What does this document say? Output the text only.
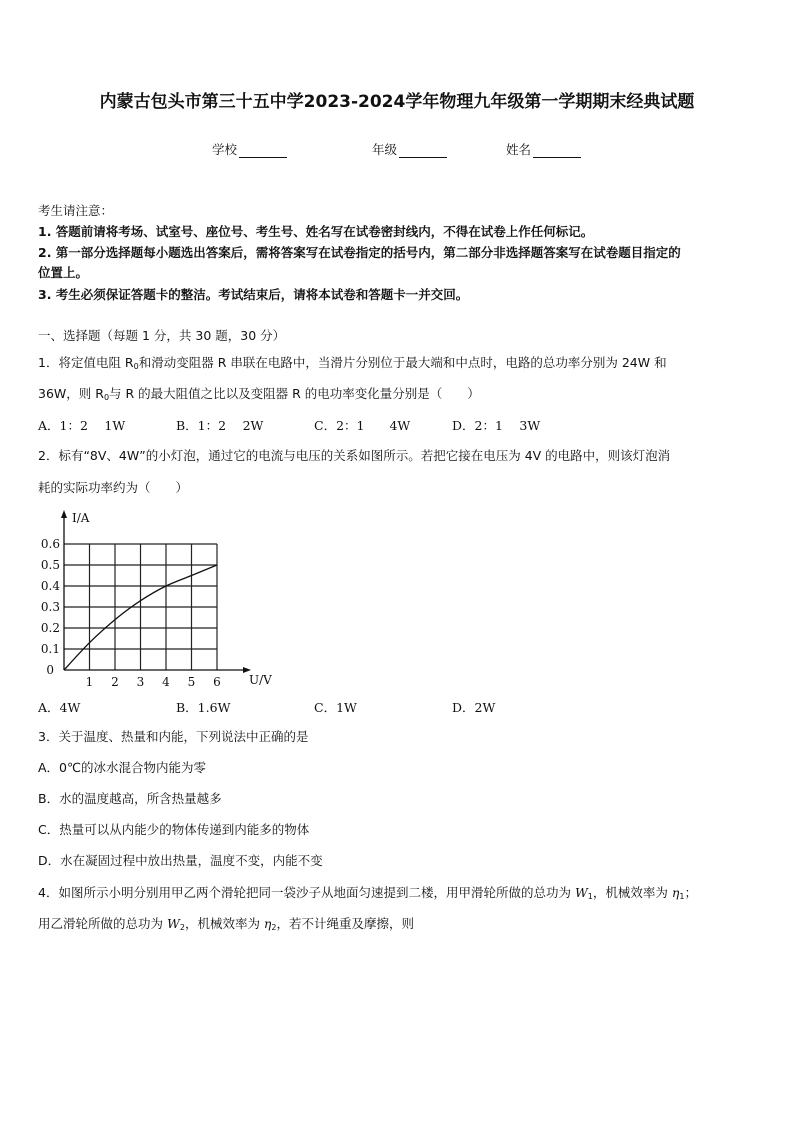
内蒙古包头市第三十五中学2023-2024学年物理九年级第一学期期末经典试题
学校	年级	姓名
考生请注意：
1. 答题前请将考场、试室号、座位号、考生号、姓名写在试卷密封线内，不得在试卷上作任何标记。
2. 第一部分选择题每小题选出答案后，需将答案写在试卷指定的括号内，第二部分非选择题答案写在试卷题目指定的
位置上。
3. 考生必须保证答题卡的整洁。考试结束后，请将本试卷和答题卡一并交回。
一、选择题（每题 1 分，共 30 题，30 分）
1．将定值电阻 $R_0$和滑动变阻器 R 串联在电路中，当滑片分别位于最大端和中点时，电路的总功率分别为 24W 和
36W，则 $R_0$与 R 的最大阻值之比以及变阻器 R 的电功率变化量分别是（　　）
A．1：2　 1W	B．1：2　 2W	C．2：1　　4W	D．2：1　 3W
2．标有“8V、4W”的小灯泡，通过它的电流与电压的关系如图所示。若把它接在电压为 4V 的电路中，则该灯泡消
耗的实际功率约为（　　）
1 2 3 4 5 6
0.6
0.5
0.4
0.3
0.2
0.1
0
U/V
I/A
A．4W	B．1.6W	C．1W	D．2W
3．关于温度、热量和内能，下列说法中正确的是
A．0℃的冰水混合物内能为零
B．水的温度越高，所含热量越多
C．热量可以从内能少的物体传递到内能多的物体
D．水在凝固过程中放出热量，温度不变，内能不变
4．如图所示小明分别用甲乙两个滑轮把同一袋沙子从地面匀速提到二楼，用甲滑轮所做的总功为 $W_1$，机械效率为 $\eta_1$；
用乙滑轮所做的总功为 $W_2$，机械效率为 $\eta_2$，若不计绳重及摩擦，则
